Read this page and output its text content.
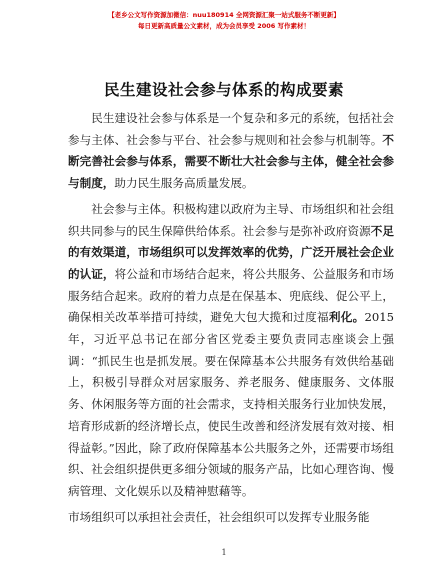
【老乡公文写作资源加微信：nuu180914 全网资源汇聚一站式服务不断更新】
每日更新高质量公文素材，成为会员享受 2006 写作素材！
民生建设社会参与体系的构成要素

民生建设社会参与体系是一个复杂和多元的系统，包括社会参与主体、社会参与平台、社会参与规则和社会参与机制等。不断完善社会参与体系，需要不断壮大社会参与主体，健全社会参与制度，助力民生服务高质量发展。

社会参与主体。积极构建以政府为主导、市场组织和社会组织共同参与的民生保障供给体系。社会参与是弥补政府资源不足的有效渠道，市场组织可以发挥效率的优势，广泛开展社会企业的认证，将公益和市场结合起来，将公共服务、公益服务和市场服务结合起来。政府的着力点是在保基本、兜底线、促公平上，确保相关改革举措可持续，避免大包大揽和过度福利化。2015年，习近平总书记在部分省区党委主要负责同志座谈会上强调：“抓民生也是抓发展。要在保障基本公共服务有效供给基础上，积极引导群众对居家服务、养老服务、健康服务、文体服务、休闲服务等方面的社会需求，支持相关服务行业加快发展，培育形成新的经济增长点，使民生改善和经济发展有效对接、相得益彰。”因此，除了政府保障基本公共服务之外，还需要市场组织、社会组织提供更多细分领域的服务产品，比如心理咨询、慢病管理、文化娱乐以及精神慰藉等。

市场组织可以承担社会责任，社会组织可以发挥专业服务能

1
